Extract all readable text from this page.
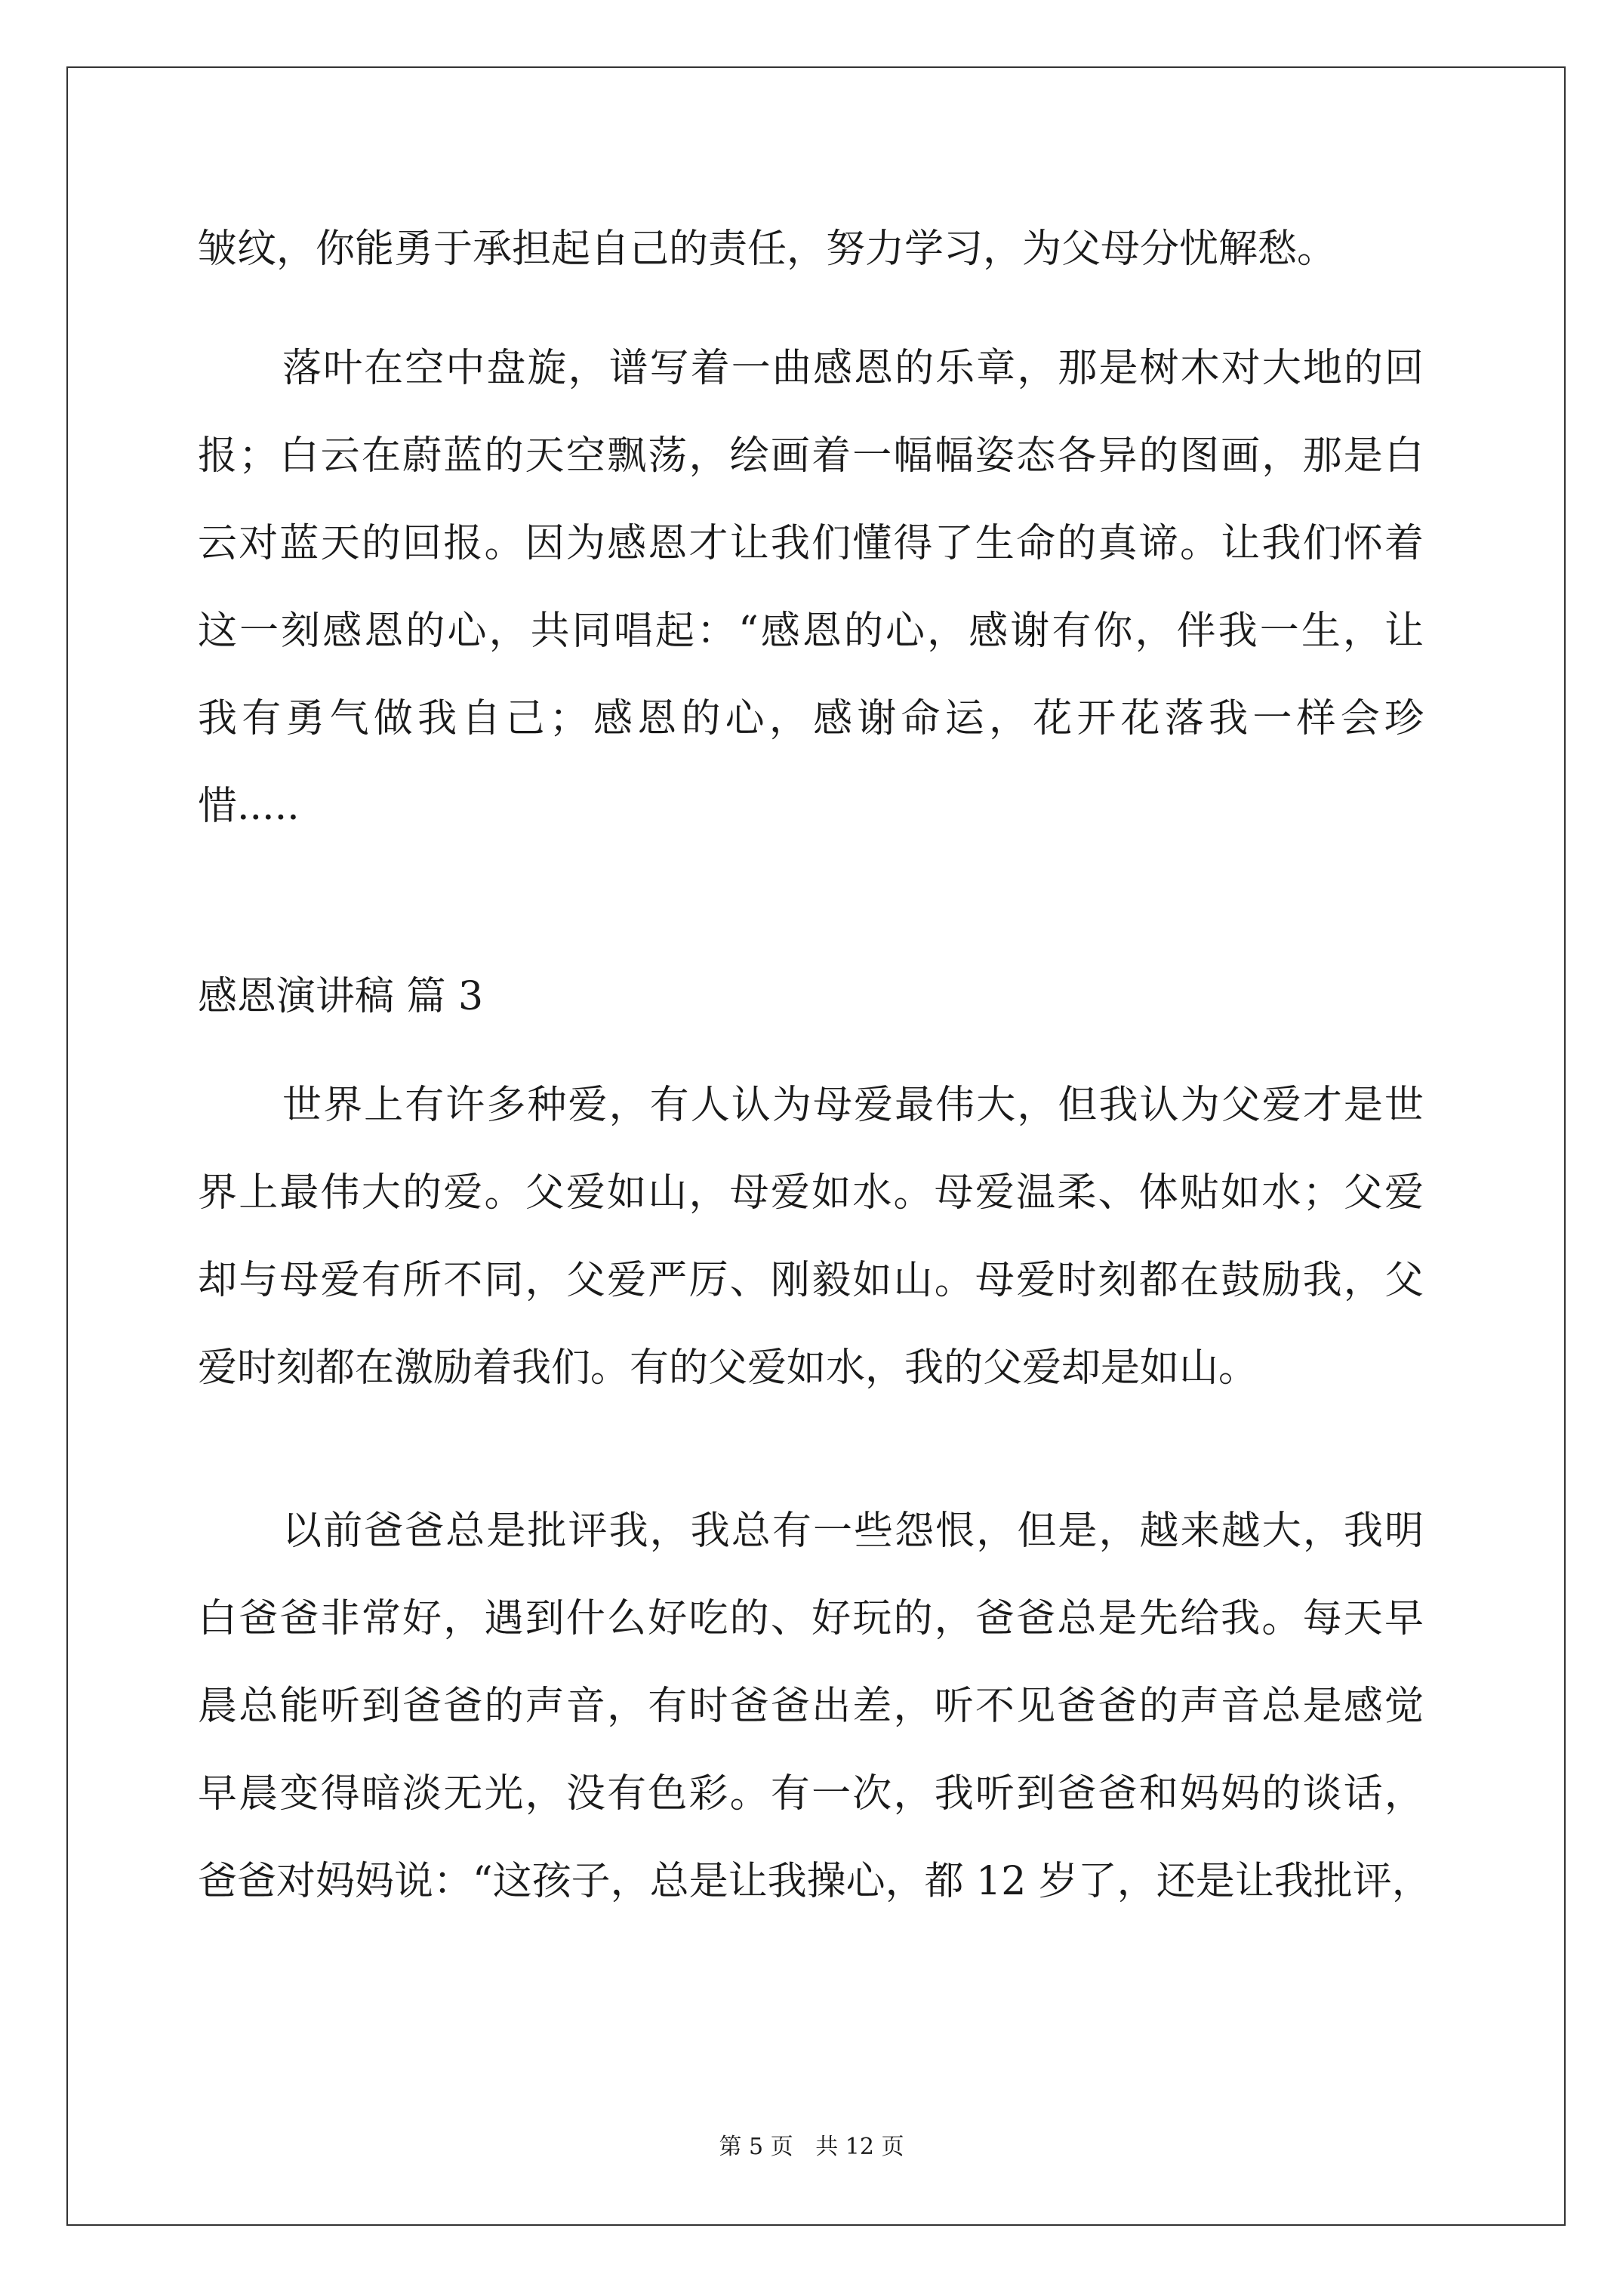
皱纹，你能勇于承担起自己的责任，努力学习，为父母分忧解愁。
落叶在空中盘旋，谱写着一曲感恩的乐章，那是树木对大地的回
报；白云在蔚蓝的天空飘荡，绘画着一幅幅姿态各异的图画，那是白
云对蓝天的回报。因为感恩才让我们懂得了生命的真谛。让我们怀着
这一刻感恩的心，共同唱起：“感恩的心，感谢有你，伴我一生，让
我有勇气做我自己；感恩的心，感谢命运，花开花落我一样会珍
惜.....
感恩演讲稿 篇 3
世界上有许多种爱，有人认为母爱最伟大，但我认为父爱才是世
界上最伟大的爱。父爱如山，母爱如水。母爱温柔、体贴如水；父爱
却与母爱有所不同，父爱严厉、刚毅如山。母爱时刻都在鼓励我，父
爱时刻都在激励着我们。有的父爱如水，我的父爱却是如山。
以前爸爸总是批评我，我总有一些怨恨，但是，越来越大，我明
白爸爸非常好，遇到什么好吃的、好玩的，爸爸总是先给我。每天早
晨总能听到爸爸的声音，有时爸爸出差，听不见爸爸的声音总是感觉
早晨变得暗淡无光，没有色彩。有一次，我听到爸爸和妈妈的谈话，
爸爸对妈妈说：“这孩子，总是让我操心，都 12 岁了，还是让我批评，
第 5 页 共 12 页
